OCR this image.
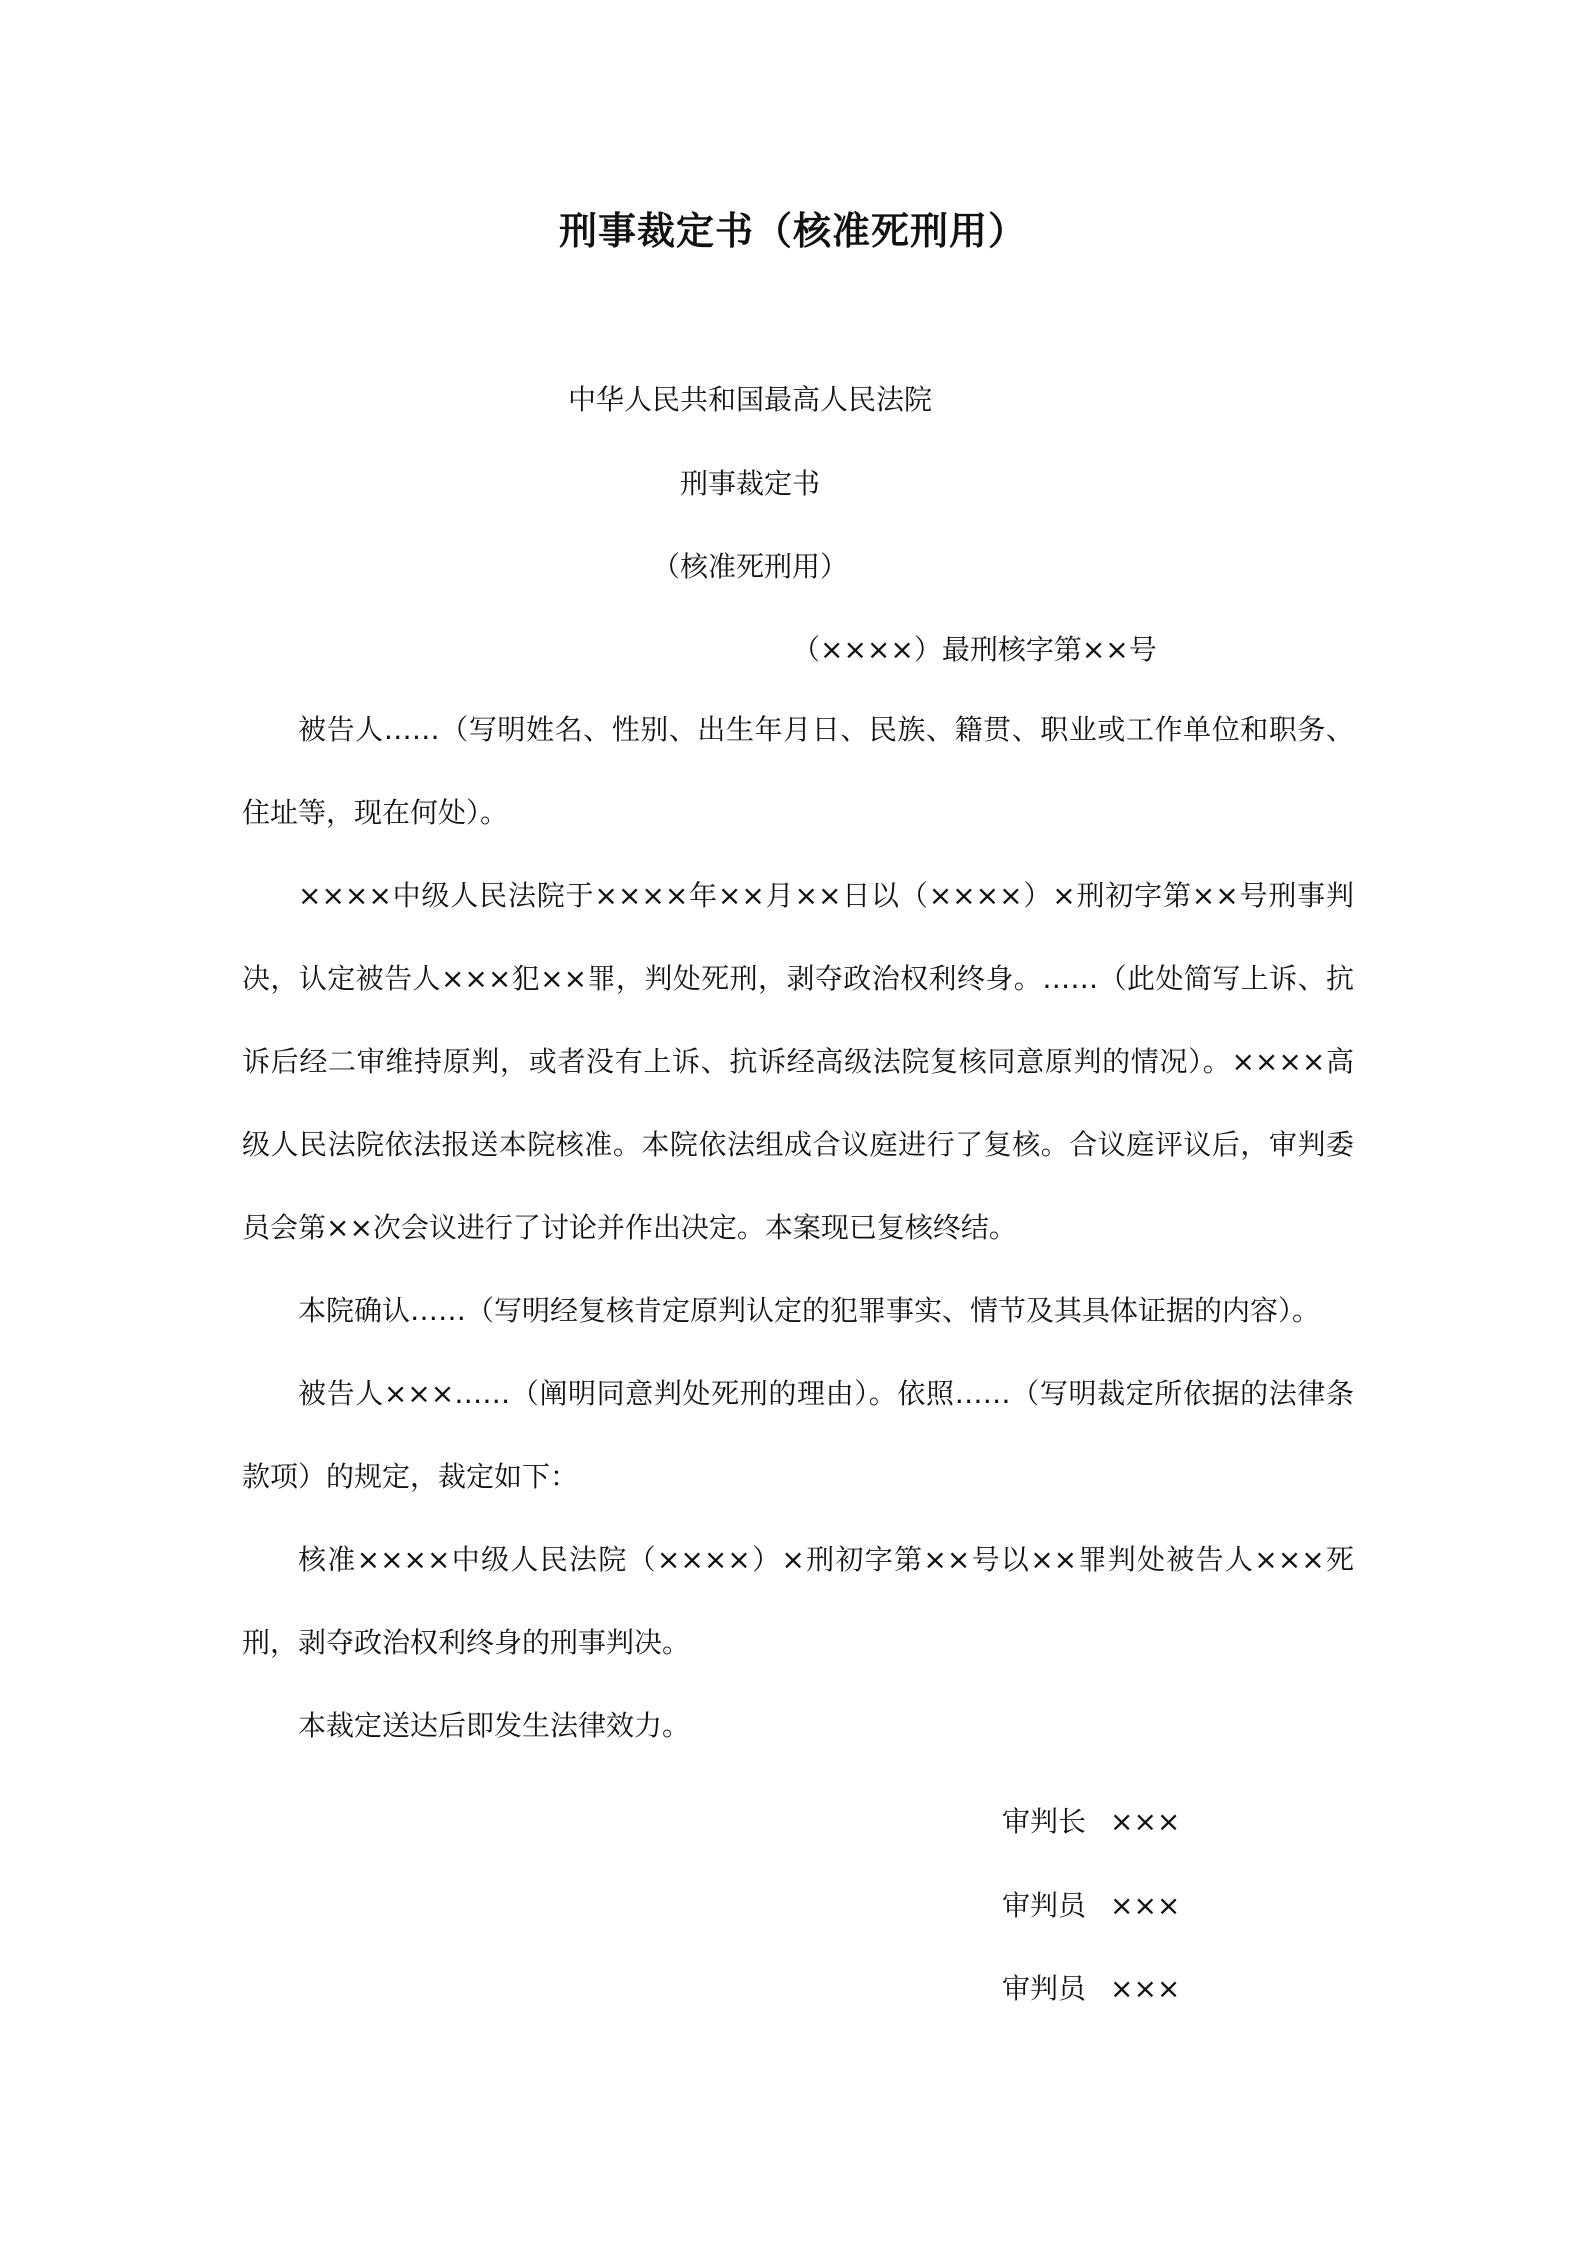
刑事裁定书（核准死刑用）
中华人民共和国最高人民法院
刑事裁定书
（核准死刑用）
（××××）最刑核字第××号
被告人……（写明姓名、性别、出生年月日、民族、籍贯、职业或工作单位和职务、住址等，现在何处）。
××××中级人民法院于××××年××月××日以（××××）×刑初字第××号刑事判决，认定被告人×××犯××罪，判处死刑，剥夺政治权利终身。……（此处简写上诉、抗诉后经二审维持原判，或者没有上诉、抗诉经高级法院复核同意原判的情况）。××××高级人民法院依法报送本院核准。本院依法组成合议庭进行了复核。合议庭评议后，审判委员会第××次会议进行了讨论并作出决定。本案现已复核终结。
本院确认……（写明经复核肯定原判认定的犯罪事实、情节及其具体证据的内容）。
被告人×××……（阐明同意判处死刑的理由）。依照……（写明裁定所依据的法律条款项）的规定，裁定如下：
核准××××中级人民法院（××××）×刑初字第××号以××罪判处被告人×××死刑，剥夺政治权利终身的刑事判决。
本裁定送达后即发生法律效力。
审判长 ×××
审判员 ×××
审判员 ×××
